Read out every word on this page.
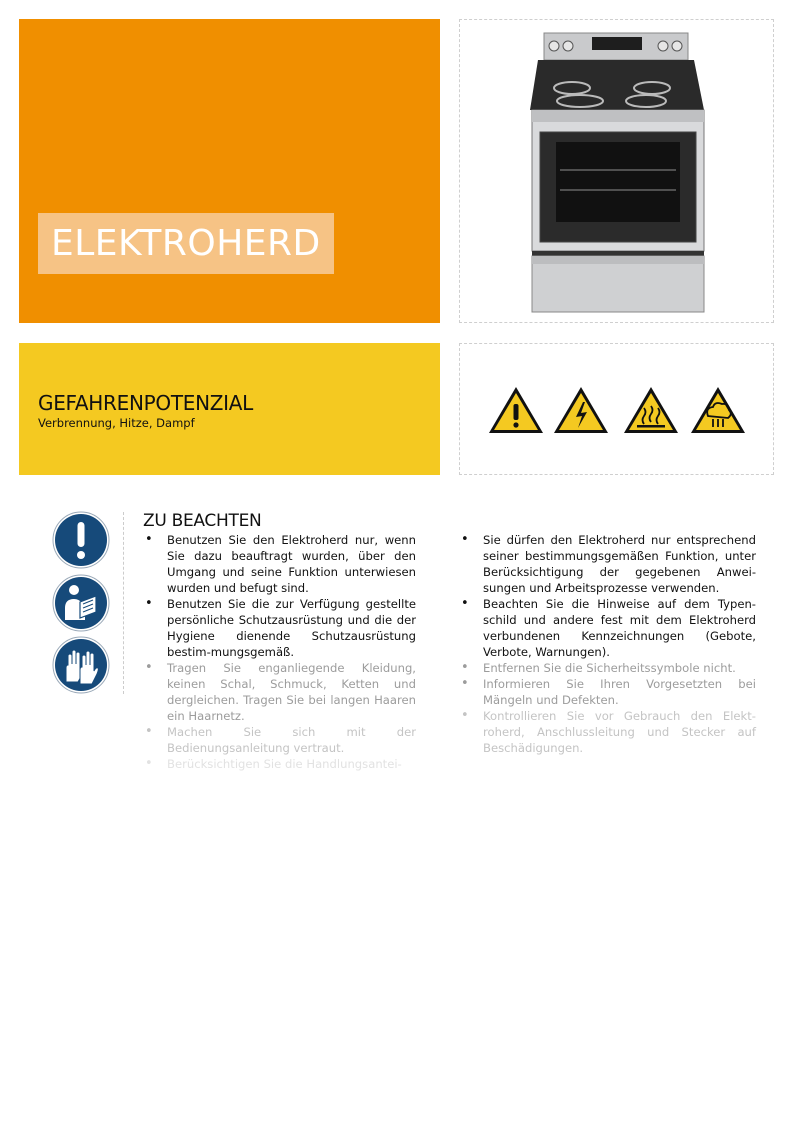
ELEKTROHERD
GEFAHRENPOTENZIAL
Verbrennung, Hitze, Dampf
ZU BEACHTEN
• Benutzen Sie den Elektroherd nur, wenn Sie dazu beauftragt wurden, über den Umgang und seine Funktion unterwiesen wurden und befugt sind.
• Benutzen Sie die zur Verfügung gestellte persönliche Schutzausrüstung und die der Hygiene dienende Schutzausrüstung bestim-mungsgemäß.
• Tragen Sie enganliegende Kleidung, keinen Schal, Schmuck, Ketten und dergleichen. Tragen Sie bei langen Haaren ein Haarnetz.
• Machen Sie sich mit der Bedienungsanleitung vertraut.
• Berücksichtigen Sie die Handlungsantei-
• Sie dürfen den Elektroherd nur entsprechend seiner bestimmungsgemäßen Funktion, unter Berücksichtigung der gegebenen Anwei-sungen und Arbeitsprozesse verwenden.
• Beachten Sie die Hinweise auf dem Typen-schild und andere fest mit dem Elektroherd verbundenen Kennzeichnungen (Gebote, Verbote, Warnungen).
• Entfernen Sie die Sicherheitssymbole nicht.
• Informieren Sie Ihren Vorgesetzten bei Mängeln und Defekten.
• Kontrollieren Sie vor Gebrauch den Elekt-roherd, Anschlussleitung und Stecker auf Beschädigungen.
